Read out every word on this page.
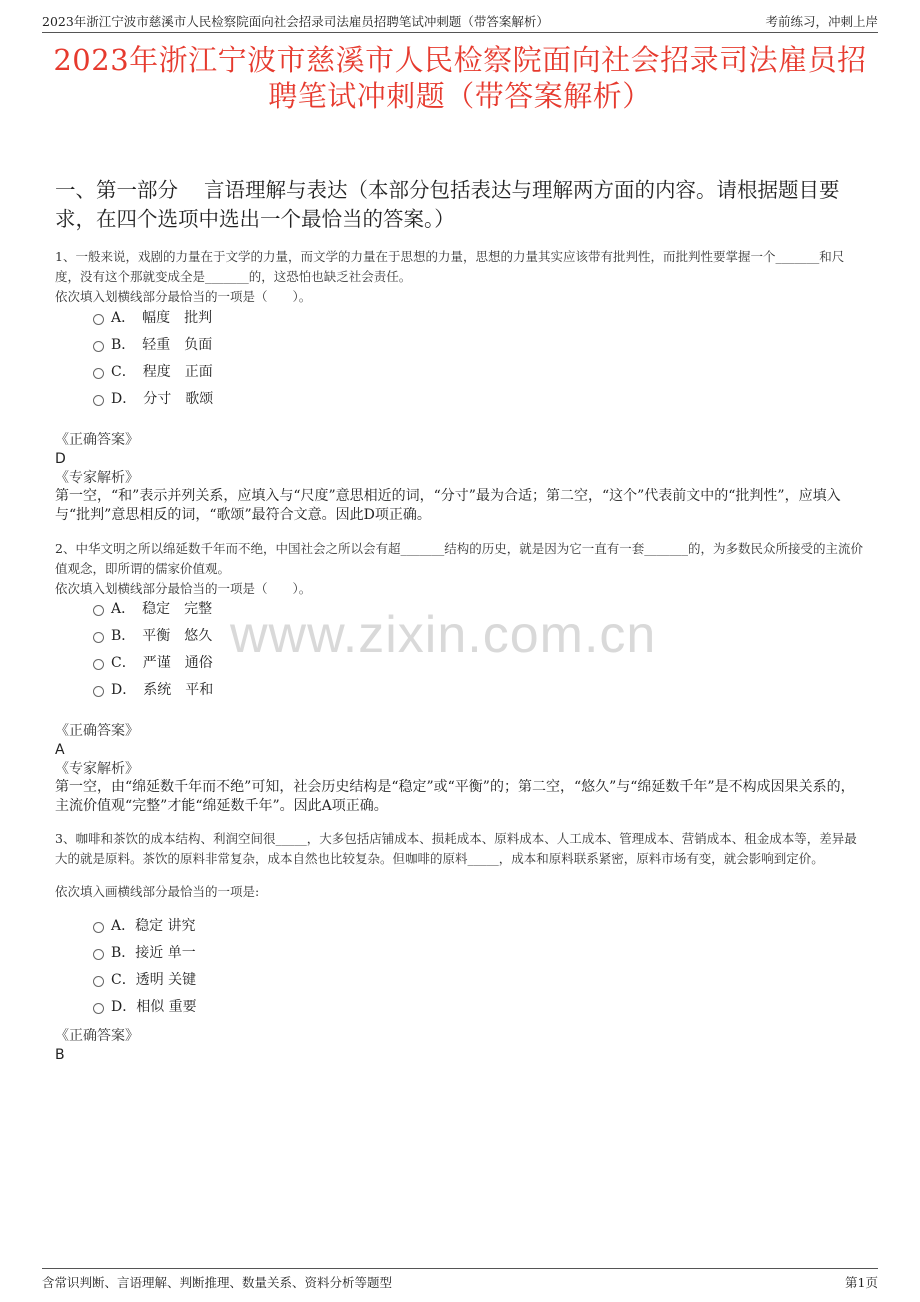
2023年浙江宁波市慈溪市人民检察院面向社会招录司法雇员招聘笔试冲刺题（带答案解析）	考前练习，冲刺上岸
2023年浙江宁波市慈溪市人民检察院面向社会招录司法雇员招聘笔试冲刺题（带答案解析）
一、第一部分 言语理解与表达（本部分包括表达与理解两方面的内容。请根据题目要求，在四个选项中选出一个最恰当的答案。）
1、一般来说，戏剧的力量在于文学的力量，而文学的力量在于思想的力量，思想的力量其实应该带有批判性，而批判性要掌握一个_______和尺度，没有这个那就变成全是_______的，这恐怕也缺乏社会责任。
依次填入划横线部分最恰当的一项是（　　）。
A．　幅度　批判
B．　轻重　负面
C．　程度　正面
D．　分寸　歌颂
《正确答案》
D
《专家解析》
第一空，“和”表示并列关系，应填入与“尺度”意思相近的词，“分寸”最为合适；第二空，“这个”代表前文中的“批判性”，应填入与“批判”意思相反的词，“歌颂”最符合文意。因此D项正确。
2、中华文明之所以绵延数千年而不绝，中国社会之所以会有超_______结构的历史，就是因为它一直有一套_______的，为多数民众所接受的主流价值观念，即所谓的儒家价值观。
依次填入划横线部分最恰当的一项是（　　）。
A．　稳定　完整
B．　平衡　悠久
C．　严谨　通俗
D．　系统　平和
《正确答案》
A
《专家解析》
第一空，由“绵延数千年而不绝”可知，社会历史结构是“稳定”或“平衡”的；第二空，“悠久”与“绵延数千年”是不构成因果关系的，主流价值观“完整”才能“绵延数千年”。因此A项正确。
3、咖啡和茶饮的成本结构、利润空间很_____，大多包括店铺成本、损耗成本、原料成本、人工成本、管理成本、营销成本、租金成本等，差异最大的就是原料。茶饮的原料非常复杂，成本自然也比较复杂。但咖啡的原料_____，成本和原料联系紧密，原料市场有变，就会影响到定价。
依次填入画横线部分最恰当的一项是:
A．稳定 讲究
B．接近 单一
C．透明 关键
D．相似 重要
《正确答案》
B
www.zixin.com.cn
含常识判断、言语理解、判断推理、数量关系、资料分析等题型	第1页
